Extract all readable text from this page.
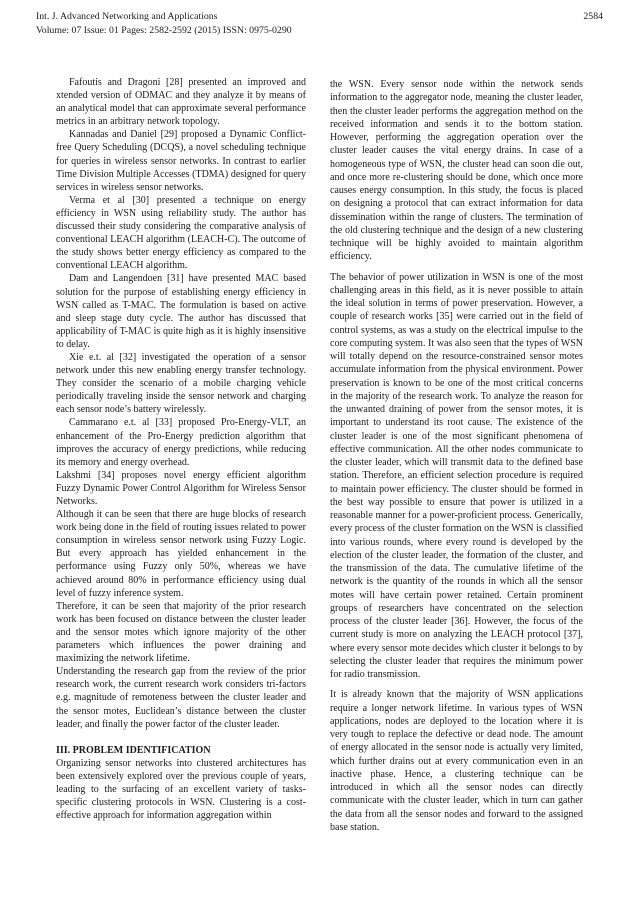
Int. J. Advanced Networking and Applications
Volume: 07 Issue: 01 Pages: 2582-2592 (2015) ISSN: 0975-0290
2584

Fafoutis and Dragoni [28] presented an improved and xtended version of ODMAC and they analyze it by means of an analytical model that can approximate several performance metrics in an arbitrary network topology.

Kannadas and Daniel [29] proposed a Dynamic Conflict-free Query Scheduling (DCQS), a novel scheduling technique for queries in wireless sensor networks. In contrast to earlier Time Division Multiple Accesses (TDMA) designed for query services in wireless sensor networks.

Verma et al [30] presented a technique on energy efficiency in WSN using reliability study. The author has discussed their study considering the comparative analysis of conventional LEACH algorithm (LEACH-C). The outcome of the study shows better energy efficiency as compared to the conventional LEACH algorithm.

Dam and Langendoen [31] have presented MAC based solution for the purpose of establishing energy efficiency in WSN called as T-MAC. The formulation is based on active and sleep stage duty cycle. The author has discussed that applicability of T-MAC is quite high as it is highly insensitive to delay.

Xie e.t. al [32] investigated the operation of a sensor network under this new enabling energy transfer technology. They consider the scenario of a mobile charging vehicle periodically traveling inside the sensor network and charging each sensor node’s battery wirelessly.

Cammarano e.t. al [33] proposed Pro-Energy-VLT, an enhancement of the Pro-Energy prediction algorithm that improves the accuracy of energy predictions, while reducing its memory and energy overhead.

Lakshmi [34] proposes novel energy efficient algorithm Fuzzy Dynamic Power Control Algorithm for Wireless Sensor Networks.

Although it can be seen that there are huge blocks of research work being done in the field of routing issues related to power consumption in wireless sensor network using Fuzzy Logic. But every approach has yielded enhancement in the performance using Fuzzy only 50%, whereas we have achieved around 80% in performance efficiency using dual level of fuzzy inference system.

Therefore, it can be seen that majority of the prior research work has been focused on distance between the cluster leader and the sensor motes which ignore majority of the other parameters which influences the power draining and maximizing the network lifetime.

Understanding the research gap from the review of the prior research work, the current research work considers tri-factors e.g. magnitude of remoteness between the cluster leader and the sensor motes, Euclidean’s distance between the cluster leader, and finally the power factor of the cluster leader.

III. PROBLEM IDENTIFICATION

Organizing sensor networks into clustered architectures has been extensively explored over the previous couple of years, leading to the surfacing of an excellent variety of tasks-specific clustering protocols in WSN. Clustering is a cost-effective approach for information aggregation within

the WSN. Every sensor node within the network sends information to the aggregator node, meaning the cluster leader, then the cluster leader performs the aggregation method on the received information and sends it to the bottom station. However, performing the aggregation operation over the cluster leader causes the vital energy drains. In case of a homogeneous type of WSN, the cluster head can soon die out, and once more re-clustering should be done, which once more causes energy consumption. In this study, the focus is placed on designing a protocol that can extract information for data dissemination within the range of clusters. The termination of the old clustering technique and the design of a new clustering technique will be highly avoided to maintain algorithm efficiency.

The behavior of power utilization in WSN is one of the most challenging areas in this field, as it is never possible to attain the ideal solution in terms of power preservation. However, a couple of research works [35] were carried out in the field of control systems, as was a study on the electrical impulse to the core computing system. It was also seen that the types of WSN will totally depend on the resource-constrained sensor motes accumulate information from the physical environment. Power preservation is known to be one of the most critical concerns in the majority of the research work. To analyze the reason for the unwanted draining of power from the sensor motes, it is important to understand its root cause. The existence of the cluster leader is one of the most significant phenomena of effective communication. All the other nodes communicate to the cluster leader, which will transmit data to the defined base station. Therefore, an efficient selection procedure is required to maintain power efficiency. The cluster should be formed in the best way possible to ensure that power is utilized in a reasonable manner for a power-proficient process. Generically, every process of the cluster formation on the WSN is classified into various rounds, where every round is developed by the election of the cluster leader, the formation of the cluster, and the transmission of the data. The cumulative lifetime of the network is the quantity of the rounds in which all the sensor motes will have certain power retained. Certain prominent groups of researchers have concentrated on the selection process of the cluster leader [36]. However, the focus of the current study is more on analyzing the LEACH protocol [37], where every sensor mote decides which cluster it belongs to by selecting the cluster leader that requires the minimum power for radio transmission.

It is already known that the majority of WSN applications require a longer network lifetime. In various types of WSN applications, nodes are deployed to the location where it is very tough to replace the defective or dead node. The amount of energy allocated in the sensor node is actually very limited, which further drains out at every communication even in an inactive phase. Hence, a clustering technique can be introduced in which all the sensor nodes can directly communicate with the cluster leader, which in turn can gather the data from all the sensor nodes and forward to the assigned base station.
